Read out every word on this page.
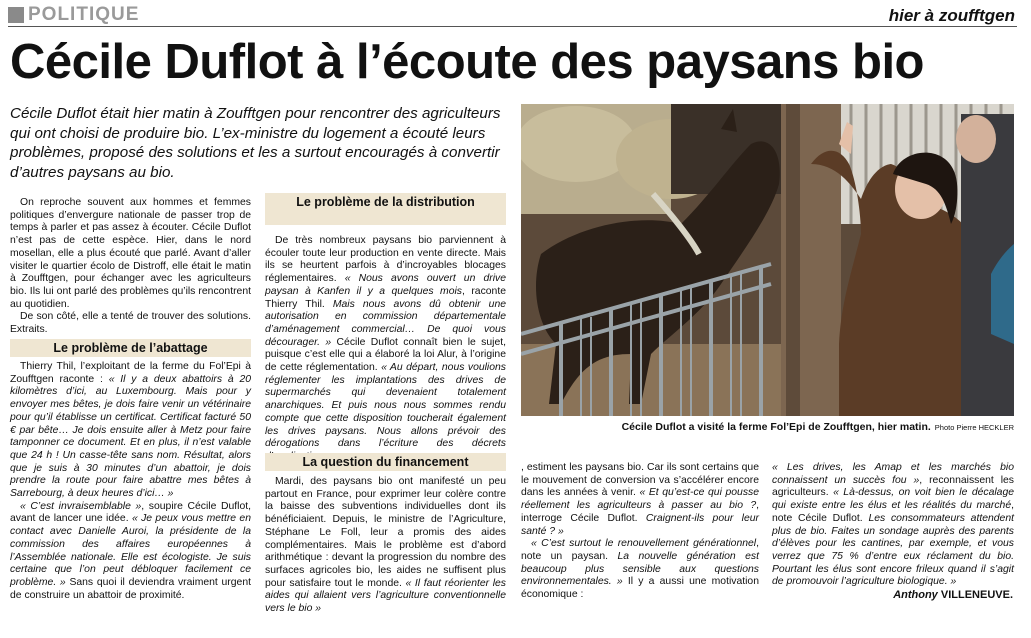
POLITIQUE	hier à zoufftgen
Cécile Duflot à l’écoute des paysans bio

Cécile Duflot était hier matin à Zoufftgen pour rencontrer des agriculteurs qui ont choisi de produire bio. L’ex-ministre du logement a écouté leurs problèmes, proposé des solutions et les a surtout encouragés à convertir d’autres paysans au bio.

Cécile Duflot a visité la ferme Fol’Epi de Zoufftgen, hier matin. Photo Pierre HECKLER

On reproche souvent aux hommes et femmes politiques d’envergure nationale de passer trop de temps à parler et pas assez à écouter. Cécile Duflot n’est pas de cette espèce. Hier, dans le nord mosellan, elle a plus écouté que parlé. Avant d’aller visiter le quartier écolo de Distroff, elle était le matin à Zoufftgen, pour échanger avec les agriculteurs bio. Ils lui ont parlé des problèmes qu’ils rencontrent au quotidien.

De son côté, elle a tenté de trouver des solutions. Extraits.

Le problème de l’abattage

Thierry Thil, l’exploitant de la ferme du Fol’Epi à Zoufftgen raconte : « Il y a deux abattoirs à 20 kilomètres d’ici, au Luxembourg. Mais pour y envoyer mes bêtes, je dois faire venir un vétérinaire pour qu’il établisse un certificat. Certificat facturé 50 € par bête… Je dois ensuite aller à Metz pour faire tamponner ce document. Et en plus, il n’est valable que 24 h ! Un casse-tête sans nom. Résultat, alors que je suis à 30 minutes d’un abattoir, je dois prendre la route pour faire abattre mes bêtes à Sarrebourg, à deux heures d’ici… »

« C’est invraisemblable », soupire Cécile Duflot, avant de lancer une idée. « Je peux vous mettre en contact avec Danielle Auroi, la présidente de la commission des affaires européennes à l’Assemblée nationale. Elle est écologiste. Je suis certaine que l’on peut débloquer facilement ce problème. » Sans quoi il deviendra vraiment urgent de construire un abattoir de proximité.

Le problème de la distribution

De très nombreux paysans bio parviennent à écouler toute leur production en vente directe. Mais ils se heurtent parfois à d’incroyables blocages réglementaires. « Nous avons ouvert un drive paysan à Kanfen il y a quelques mois, raconte Thierry Thil. Mais nous avons dû obtenir une autorisation en commission départementale d’aménagement commercial… De quoi vous décourager. » Cécile Duflot connaît bien le sujet, puisque c’est elle qui a élaboré la loi Alur, à l’origine de cette réglementation. « Au départ, nous voulions réglementer les implantations des drives de supermarchés qui devenaient totalement anarchiques. Et puis nous nous sommes rendu compte que cette disposition toucherait également les drives paysans. Nous allons prévoir des dérogations dans l’écriture des décrets

La question du financement

Mardi, des paysans bio ont manifesté un peu partout en France, pour exprimer leur colère contre la baisse des subventions individuelles dont ils bénéficiaient. Depuis, le ministre de l’Agriculture, Stéphane Le Foll, leur a promis des aides complémentaires. Mais le problème est d’abord arithmétique : devant la progression du nombre des surfaces agricoles bio, les aides ne suffisent plus pour satisfaire tout le monde. « Il faut réorienter les aides qui allaient vers l’agriculture conventionnelle vers le bio »

, estiment les paysans bio. Car ils sont certains que le mouvement de conversion va s’accélérer encore dans les années à venir. « Et qu’est-ce qui pousse réellement les agriculteurs à passer au bio ?, interroge Cécile Duflot. Craignent-ils pour leur santé ? »

« C’est surtout le renouvellement générationnel, note un paysan. La nouvelle génération est beaucoup plus sensible aux questions environnementales. » Il y a aussi une motivation économique :

« Les drives, les Amap et les marchés bio connaissent un succès fou », reconnaissent les agriculteurs. « Là-dessus, on voit bien le décalage qui existe entre les élus et les réalités du marché, note Cécile Duflot. Les consommateurs attendent plus de bio. Faites un sondage auprès des parents d’élèves pour les cantines, par exemple, et vous verrez que 75 % d’entre eux réclament du bio. Pourtant les élus sont encore frileux quand il s’agit de promouvoir l’agriculture biologique. »

Anthony VILLENEUVE.
